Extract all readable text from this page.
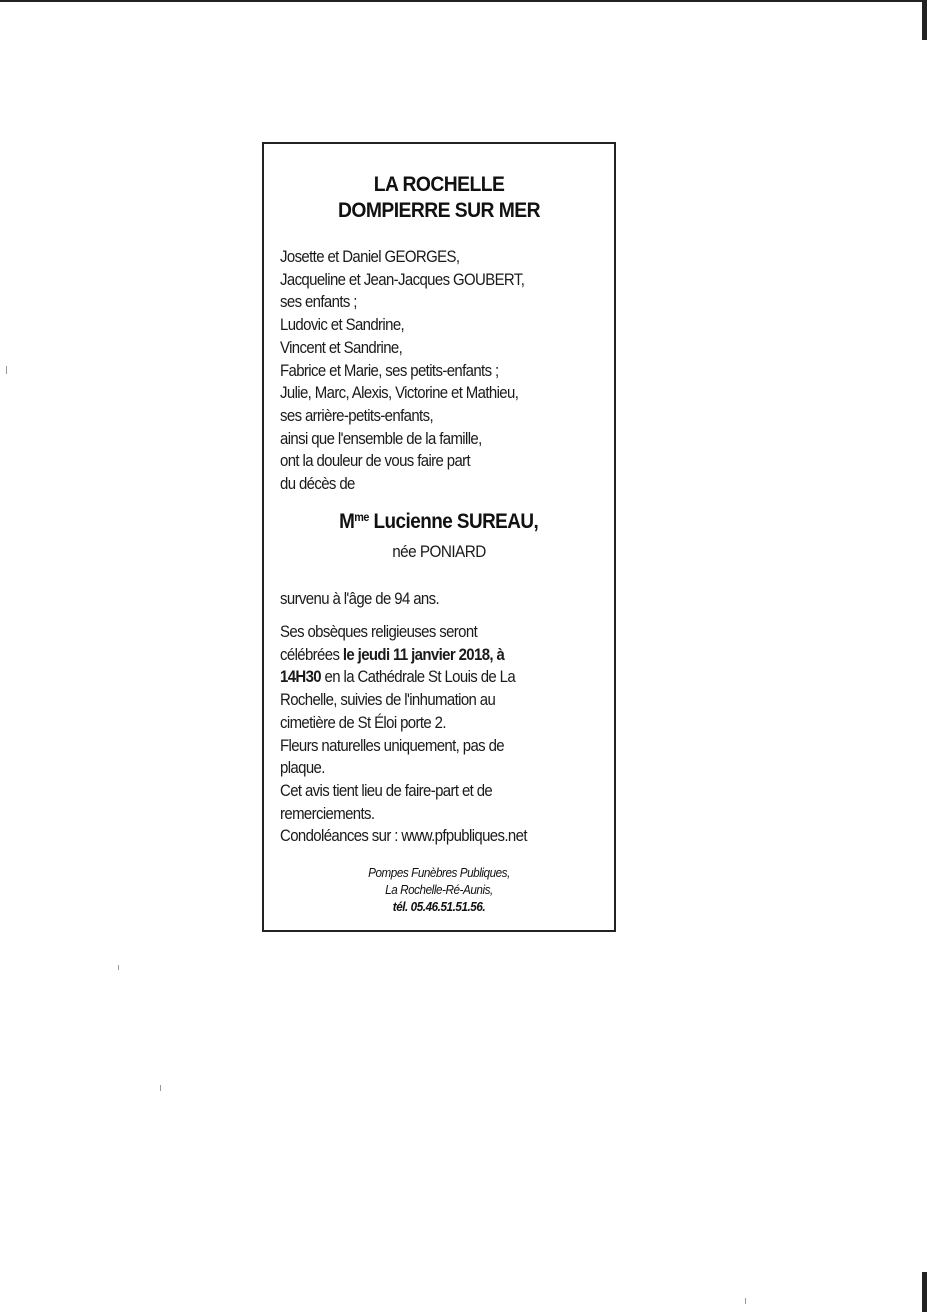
LA ROCHELLE
DOMPIERRE SUR MER
Josette et Daniel GEORGES,
Jacqueline et Jean-Jacques GOUBERT,
ses enfants ;
Ludovic et Sandrine,
Vincent et Sandrine,
Fabrice et Marie, ses petits-enfants ;
Julie, Marc, Alexis, Victorine et Mathieu,
ses arrière-petits-enfants,
ainsi que l'ensemble de la famille,
ont la douleur de vous faire part
du décès de
$M^{me}$ Lucienne SUREAU,
née PONIARD
survenu à l'âge de 94 ans.
Ses obsèques religieuses seront
célébrées le jeudi 11 janvier 2018, à
14H30 en la Cathédrale St Louis de La
Rochelle, suivies de l'inhumation au
cimetière de St Éloi porte 2.
Fleurs naturelles uniquement, pas de
plaque.
Cet avis tient lieu de faire-part et de
remerciements.
Condoléances sur : www.pfpubliques.net
Pompes Funèbres Publiques,
La Rochelle-Ré-Aunis,
tél. 05.46.51.51.56.
